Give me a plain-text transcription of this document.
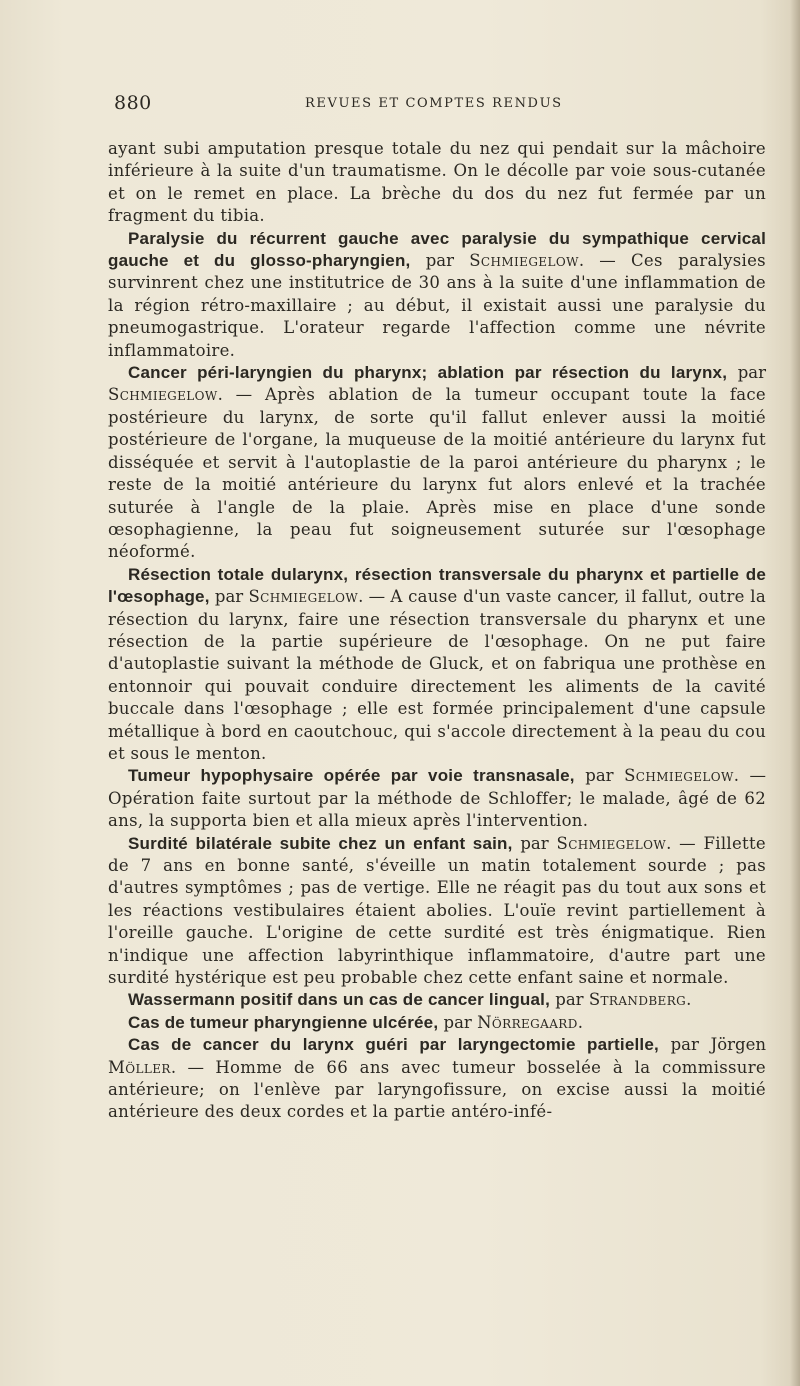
880	REVUES ET COMPTES RENDUS

ayant subi amputation presque totale du nez qui pendait sur la mâchoire inférieure à la suite d'un traumatisme. On le décolle par voie sous-cutanée et on le remet en place. La brèche du dos du nez fut fermée par un fragment du tibia.

Paralysie du récurrent gauche avec paralysie du sympathique cervical gauche et du glosso-pharyngien, par Schmiegelow. — Ces paralysies survinrent chez une institutrice de 30 ans à la suite d'une inflammation de la région rétro-maxillaire ; au début, il existait aussi une paralysie du pneumogastrique. L'orateur regarde l'affection comme une névrite inflammatoire.

Cancer péri-laryngien du pharynx; ablation par résection du larynx, par Schmiegelow. — Après ablation de la tumeur occupant toute la face postérieure du larynx, de sorte qu'il fallut enlever aussi la moitié postérieure de l'organe, la muqueuse de la moitié antérieure du larynx fut disséquée et servit à l'autoplastie de la paroi antérieure du pharynx ; le reste de la moitié antérieure du larynx fut alors enlevé et la trachée suturée à l'angle de la plaie. Après mise en place d'une sonde œsophagienne, la peau fut soigneusement suturée sur l'œsophage néoformé.

Résection totale dularynx, résection transversale du pharynx et partielle de l'œsophage, par Schmiegelow. — A cause d'un vaste cancer, il fallut, outre la résection du larynx, faire une résection transversale du pharynx et une résection de la partie supérieure de l'œsophage. On ne put faire d'autoplastie suivant la méthode de Gluck, et on fabriqua une prothèse en entonnoir qui pouvait conduire directement les aliments de la cavité buccale dans l'œsophage ; elle est formée principalement d'une capsule métallique à bord en caoutchouc, qui s'accole directement à la peau du cou et sous le menton.

Tumeur hypophysaire opérée par voie transnasale, par Schmiegelow. — Opération faite surtout par la méthode de Schloffer; le malade, âgé de 62 ans, la supporta bien et alla mieux après l'intervention.

Surdité bilatérale subite chez un enfant sain, par Schmiegelow. — Fillette de 7 ans en bonne santé, s'éveille un matin totalement sourde ; pas d'autres symptômes ; pas de vertige. Elle ne réagit pas du tout aux sons et les réactions vestibulaires étaient abolies. L'ouïe revint partiellement à l'oreille gauche. L'origine de cette surdité est très énigmatique. Rien n'indique une affection labyrinthique inflammatoire, d'autre part une surdité hystérique est peu probable chez cette enfant saine et normale.

Wassermann positif dans un cas de cancer lingual, par Strandberg.

Cas de tumeur pharyngienne ulcérée, par Nörregaard.

Cas de cancer du larynx guéri par laryngectomie partielle, par Jörgen Möller. — Homme de 66 ans avec tumeur bosselée à la commissure antérieure; on l'enlève par laryngofissure, on excise aussi la moitié antérieure des deux cordes et la partie antéro-infé-
